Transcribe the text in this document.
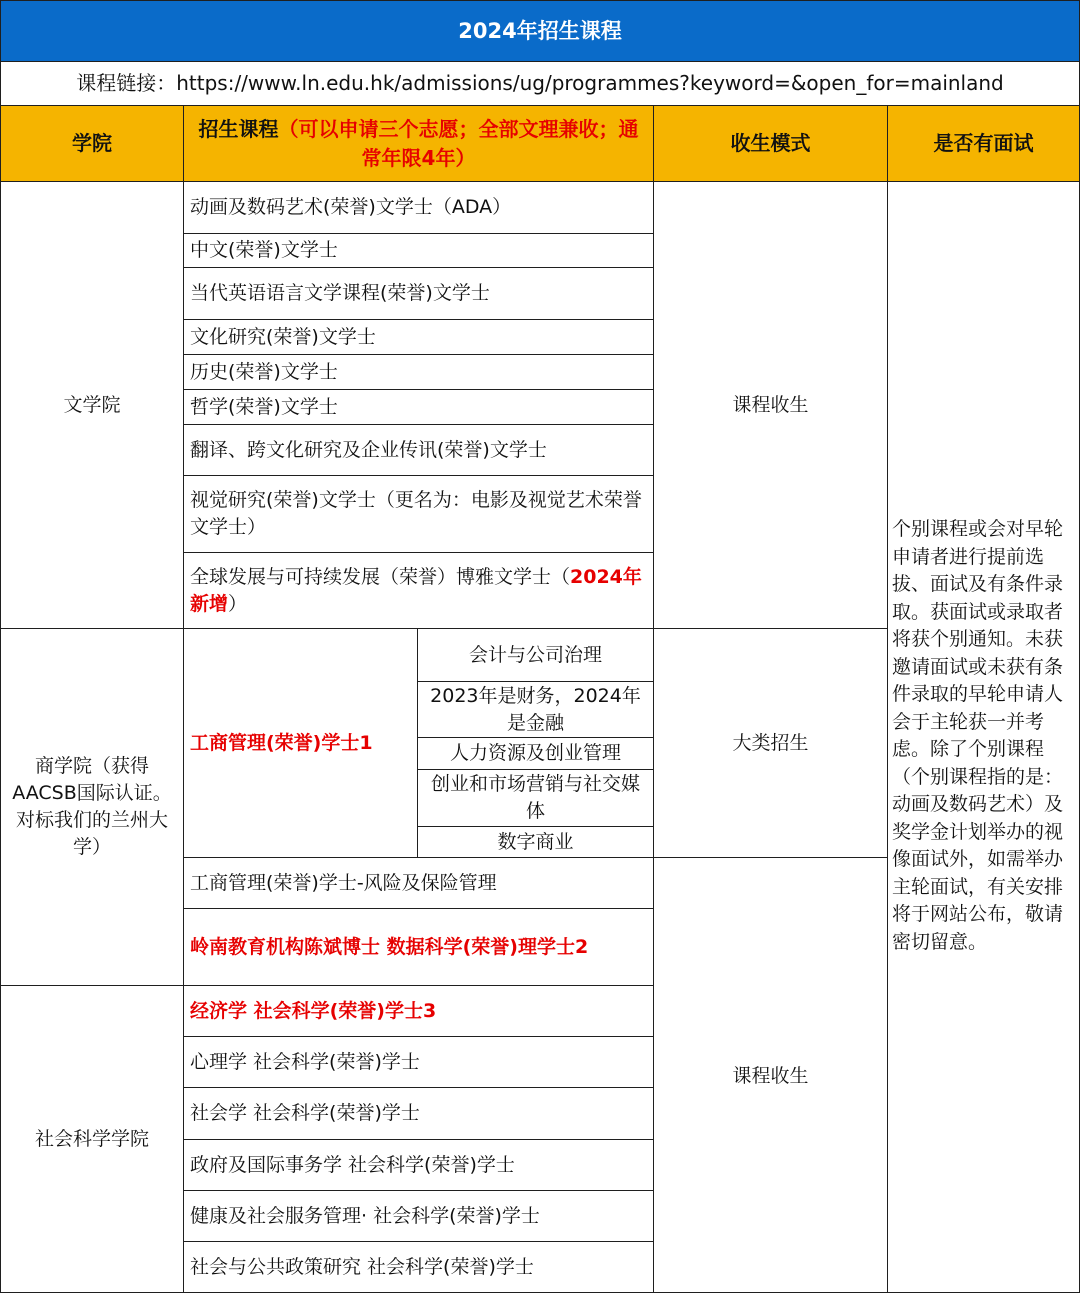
2024年招生课程
课程链接： https://www.ln.edu.hk/admissions/ug/programmes?keyword=&open_for=mainland
学院
招生课程（可以申请三个志愿；全部文理兼收；通常年限4年）
收生模式	是否有面试
文学院
商学院（获得AACSB国际认证。对标我们的兰州大学）
社会科学学院
动画及数码艺术(荣誉)文学士（ADA）
中文(荣誉)文学士
当代英语语言文学课程(荣誉)文学士
文化研究(荣誉)文学士
历史(荣誉)文学士
哲学(荣誉)文学士
翻译、跨文化研究及企业传讯(荣誉)文学士
视觉研究(荣誉)文学士（更名为：电影及视觉艺术荣誉文学士）
全球发展与可持续发展（荣誉）博雅文学士（2024年新增）
工商管理(荣誉)学士1
会计与公司治理
2023年是财务，2024年是金融
人力资源及创业管理
创业和市场营销与社交媒体
数字商业
工商管理(荣誉)学士-风险及保险管理
岭南教育机构陈斌博士 数据科学(荣誉)理学士2
经济学 社会科学(荣誉)学士3
心理学 社会科学(荣誉)学士
社会学 社会科学(荣誉)学士
政府及国际事务学 社会科学(荣誉)学士
健康及社会服务管理· 社会科学(荣誉)学士
社会与公共政策研究 社会科学(荣誉)学士
课程收生
大类招生
课程收生
个别课程或会对早轮申请者进行提前选拔、面试及有条件录取。获面试或录取者将获个别通知。未获邀请面试或未获有条件录取的早轮申请人会于主轮获一并考虑。除了个别课程（个别课程指的是：动画及数码艺术）及奖学金计划举办的视像面试外，如需举办主轮面试，有关安排将于网站公布，敬请密切留意。
